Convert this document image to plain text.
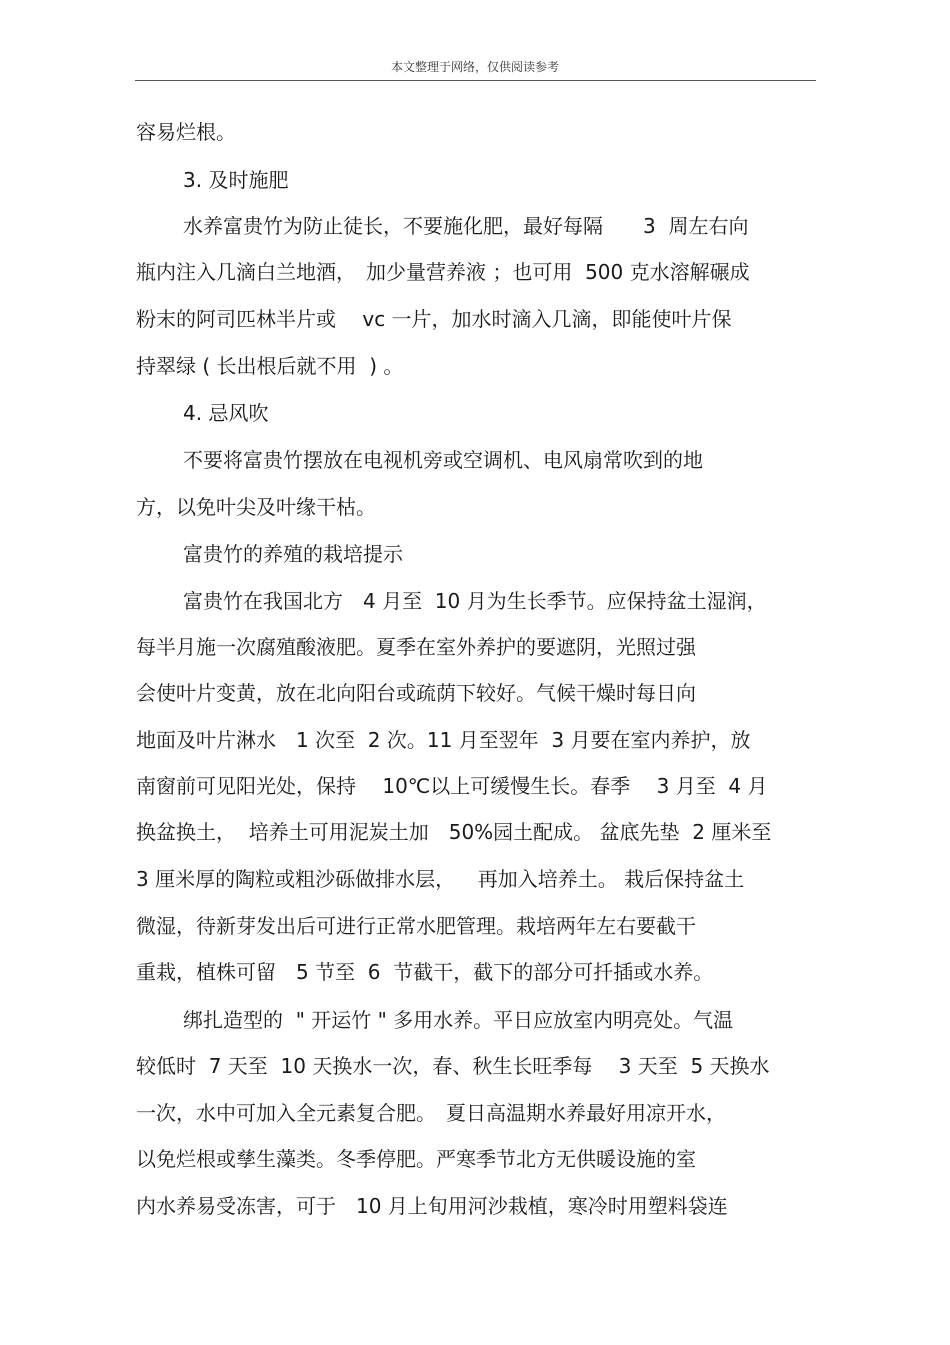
本文整理于网络，仅供阅读参考
容易烂根。
3. 及时施肥
水养富贵竹为防止徒长，不要施化肥，最好每隔　　3  周左右向
瓶内注入几滴白兰地酒，　加少量营养液 ；也可用  500 克水溶解碾成
粉末的阿司匹林半片或　 vc 一片，加水时滴入几滴，即能使叶片保
持翠绿 ( 长出根后就不用  ) 。
4. 忌风吹
不要将富贵竹摆放在电视机旁或空调机、电风扇常吹到的地
方，以免叶尖及叶缘干枯。
富贵竹的养殖的栽培提示
富贵竹在我国北方　4 月至  10 月为生长季节。应保持盆土湿润，
每半月施一次腐殖酸液肥。夏季在室外养护的要遮阴，光照过强
会使叶片变黄，放在北向阳台或疏荫下较好。气候干燥时每日向
地面及叶片淋水　1 次至  2 次。11 月至翌年  3 月要在室内养护，放
南窗前可见阳光处，保持　 10℃以上可缓慢生长。春季　 3 月至  4 月
换盆换土，  培养土可用泥炭土加　50%园土配成。 盆底先垫  2 厘米至
3 厘米厚的陶粒或粗沙砾做排水层，　  再加入培养土。 栽后保持盆土
微湿，待新芽发出后可进行正常水肥管理。栽培两年左右要截干
重栽，植株可留　5 节至  6  节截干，截下的部分可扦插或水养。
绑扎造型的  " 开运竹 " 多用水养。平日应放室内明亮处。气温
较低时  7 天至  10 天换水一次，春、秋生长旺季每　 3 天至  5 天换水
一次，水中可加入全元素复合肥。　夏日高温期水养最好用凉开水，
以免烂根或孳生藻类。冬季停肥。严寒季节北方无供暖设施的室
内水养易受冻害，可于　10 月上旬用河沙栽植，寒冷时用塑料袋连
